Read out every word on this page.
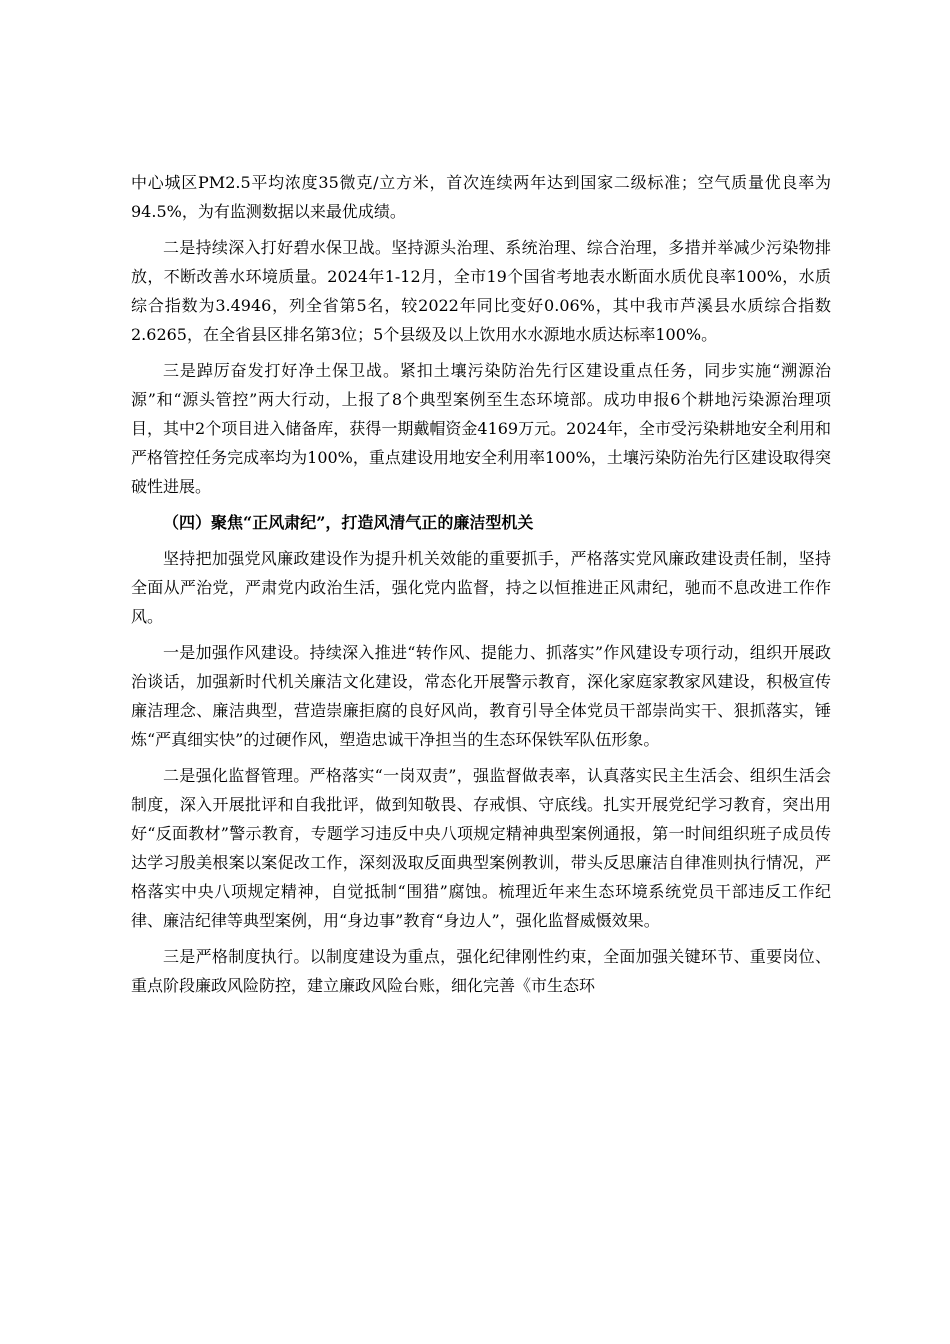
中心城区PM2.5平均浓度35微克/立方米，首次连续两年达到国家二级标准；空气质量优良率为94.5%，为有监测数据以来最优成绩。

二是持续深入打好碧水保卫战。坚持源头治理、系统治理、综合治理，多措并举减少污染物排放，不断改善水环境质量。2024年1-12月，全市19个国省考地表水断面水质优良率100%，水质综合指数为3.4946，列全省第5名，较2022年同比变好0.06%，其中我市芦溪县水质综合指数2.6265，在全省县区排名第3位；5个县级及以上饮用水水源地水质达标率100%。

三是踔厉奋发打好净土保卫战。紧扣土壤污染防治先行区建设重点任务，同步实施“溯源治源”和“源头管控”两大行动，上报了8个典型案例至生态环境部。成功申报6个耕地污染源治理项目，其中2个项目进入储备库，获得一期戴帽资金4169万元。2024年，全市受污染耕地安全利用和严格管控任务完成率均为100%，重点建设用地安全利用率100%，土壤污染防治先行区建设取得突破性进展。

（四）聚焦“正风肃纪”，打造风清气正的廉洁型机关

坚持把加强党风廉政建设作为提升机关效能的重要抓手，严格落实党风廉政建设责任制，坚持全面从严治党，严肃党内政治生活，强化党内监督，持之以恒推进正风肃纪，驰而不息改进工作作风。

一是加强作风建设。持续深入推进“转作风、提能力、抓落实”作风建设专项行动，组织开展政治谈话，加强新时代机关廉洁文化建设，常态化开展警示教育，深化家庭家教家风建设，积极宣传廉洁理念、廉洁典型，营造崇廉拒腐的良好风尚，教育引导全体党员干部崇尚实干、狠抓落实，锤炼“严真细实快”的过硬作风，塑造忠诚干净担当的生态环保铁军队伍形象。

二是强化监督管理。严格落实“一岗双责”，强监督做表率，认真落实民主生活会、组织生活会制度，深入开展批评和自我批评，做到知敬畏、存戒惧、守底线。扎实开展党纪学习教育，突出用好“反面教材”警示教育，专题学习违反中央八项规定精神典型案例通报，第一时间组织班子成员传达学习殷美根案以案促改工作，深刻汲取反面典型案例教训，带头反思廉洁自律准则执行情况，严格落实中央八项规定精神，自觉抵制“围猎”腐蚀。梳理近年来生态环境系统党员干部违反工作纪律、廉洁纪律等典型案例，用“身边事”教育“身边人”，强化监督威慑效果。

三是严格制度执行。以制度建设为重点，强化纪律刚性约束，全面加强关键环节、重要岗位、重点阶段廉政风险防控，建立廉政风险台账，细化完善《市生态环
